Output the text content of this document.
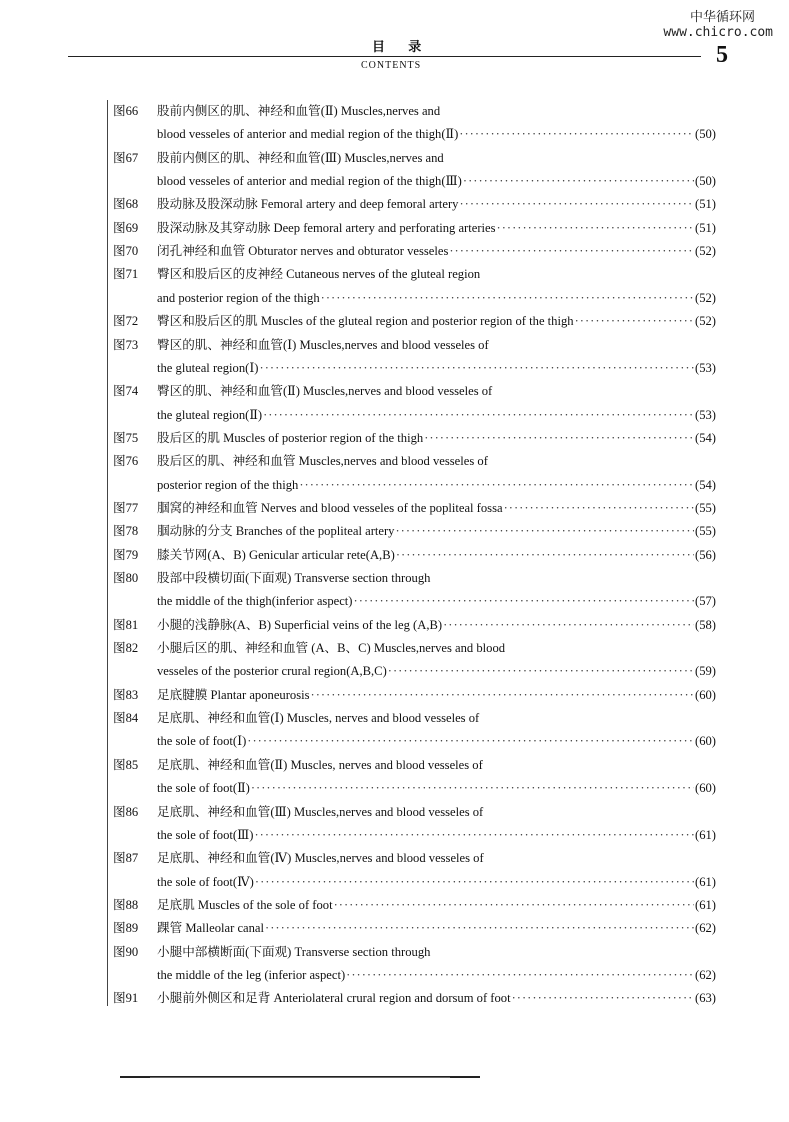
中华循环网
www.chicro.com
目 录
CONTENTS	5
图66	股前内侧区的肌、神经和血管(Ⅱ) Muscles,nerves and
blood vesseles of anterior and medial region of the thigh(Ⅱ) ·····	(50)
图67	股前内侧区的肌、神经和血管(Ⅲ) Muscles,nerves and
blood vesseles of anterior and medial region of the thigh(Ⅲ) ·····	(50)
图68	股动脉及股深动脉 Femoral artery and deep femoral artery ·····	(51)
图69	股深动脉及其穿动脉 Deep femoral artery and perforating arteries ·····	(51)
图70	闭孔神经和血管 Obturator nerves and obturator vesseles ·····	(52)
图71	臀区和股后区的皮神经 Cutaneous nerves of the gluteal region
and posterior region of the thigh ·····	(52)
图72	臀区和股后区的肌 Muscles of the gluteal region and posterior region of the thigh ·····	(52)
图73	臀区的肌、神经和血管(Ⅰ) Muscles,nerves and blood vesseles of
the gluteal region(Ⅰ) ·····	(53)
图74	臀区的肌、神经和血管(Ⅱ) Muscles,nerves and blood vesseles of
the gluteal region(Ⅱ) ·····	(53)
图75	股后区的肌 Muscles of posterior region of the thigh ·····	(54)
图76	股后区的肌、神经和血管 Muscles,nerves and blood vesseles of
posterior region of the thigh ·····	(54)
图77	腘窝的神经和血管 Nerves and blood vesseles of the popliteal fossa ·····	(55)
图78	腘动脉的分支 Branches of the popliteal artery ·····	(55)
图79	膝关节网(A、B) Genicular articular rete(A,B) ·····	(56)
图80	股部中段横切面(下面观) Transverse section through
the middle of the thigh(inferior aspect) ·····	(57)
图81	小腿的浅静脉(A、B) Superficial veins of the leg (A,B) ·····	(58)
图82	小腿后区的肌、神经和血管 (A、B、C) Muscles,nerves and blood
vesseles of the posterior crural region(A,B,C) ·····	(59)
图83	足底腱膜 Plantar aponeurosis ·····	(60)
图84	足底肌、神经和血管(Ⅰ) Muscles, nerves and blood vesseles of
the sole of foot(Ⅰ) ·····	(60)
图85	足底肌、神经和血管(Ⅱ) Muscles, nerves and blood vesseles of
the sole of foot(Ⅱ) ·····	(60)
图86	足底肌、神经和血管(Ⅲ) Muscles,nerves and blood vesseles of
the sole of foot(Ⅲ) ·····	(61)
图87	足底肌、神经和血管(Ⅳ) Muscles,nerves and blood vesseles of
the sole of foot(Ⅳ) ·····	(61)
图88	足底肌 Muscles of the sole of foot ·····	(61)
图89	踝管 Malleolar canal ·····	(62)
图90	小腿中部横断面(下面观) Transverse section through
the middle of the leg (inferior aspect) ·····	(62)
图91	小腿前外侧区和足背 Anteriolateral crural region and dorsum of foot ·····	(63)
